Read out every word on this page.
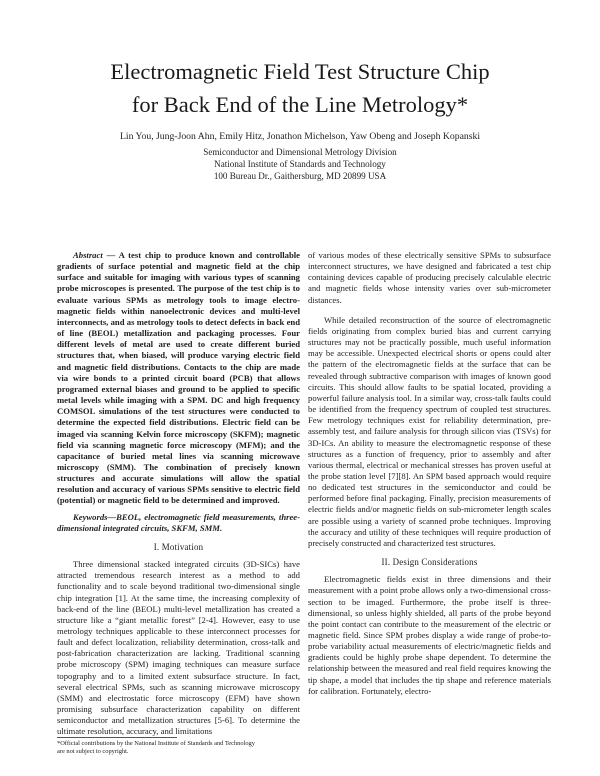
Electromagnetic Field Test Structure Chip
for Back End of the Line Metrology*
Lin You, Jung-Joon Ahn, Emily Hitz, Jonathon Michelson, Yaw Obeng and Joseph Kopanski
Semiconductor and Dimensional Metrology Division
National Institute of Standards and Technology
100 Bureau Dr., Gaithersburg, MD 20899 USA

Abstract — A test chip to produce known and controllable gradients of surface potential and magnetic field at the chip surface and suitable for imaging with various types of scanning probe microscopes is presented. The purpose of the test chip is to evaluate various SPMs as metrology tools to image electro-magnetic fields within nanoelectronic devices and multi-level interconnects, and as metrology tools to detect defects in back end of line (BEOL) metallization and packaging processes. Four different levels of metal are used to create different buried structures that, when biased, will produce varying electric field and magnetic field distributions. Contacts to the chip are made via wire bonds to a printed circuit board (PCB) that allows programed external biases and ground to be applied to specific metal levels while imaging with a SPM. DC and high frequency COMSOL simulations of the test structures were conducted to determine the expected field distributions. Electric field can be imaged via scanning Kelvin force microscopy (SKFM); magnetic field via scanning magnetic force microscopy (MFM); and the capacitance of buried metal lines via scanning microwave microscopy (SMM). The combination of precisely known structures and accurate simulations will allow the spatial resolution and accuracy of various SPMs sensitive to electric field (potential) or magnetic field to be determined and improved.

Keywords—BEOL, electromagnetic field measurements, three-dimensional integrated circuits, SKFM, SMM.

I. Motivation

Three dimensional stacked integrated circuits (3D-SICs) have attracted tremendous research interest as a method to add functionality and to scale beyond traditional two-dimensional single chip integration [1]. At the same time, the increasing complexity of back-end of the line (BEOL) multi-level metallization has created a structure like a “giant metallic forest” [2-4]. However, easy to use metrology techniques applicable to these interconnect processes for fault and defect localization, reliability determination, cross-talk and post-fabrication characterization are lacking. Traditional scanning probe microscopy (SPM) imaging techniques can measure surface topography and to a limited extent subsurface structure. In fact, several electrical SPMs, such as scanning microwave microscopy (SMM) and electrostatic force microscopy (EFM) have shown promising subsurface characterization capability on different semiconductor and metallization structures [5-6]. To determine the ultimate resolution, accuracy, and limitations

of various modes of these electrically sensitive SPMs to subsurface interconnect structures, we have designed and fabricated a test chip containing devices capable of producing precisely calculable electric and magnetic fields whose intensity varies over sub-micrometer distances.

While detailed reconstruction of the source of electromagnetic fields originating from complex buried bias and current carrying structures may not be practically possible, much useful information may be accessible. Unexpected electrical shorts or opens could alter the pattern of the electromagnetic fields at the surface that can be revealed through subtractive comparison with images of known good circuits. This should allow faults to be spatial located, providing a powerful failure analysis tool. In a similar way, cross-talk faults could be identified from the frequency spectrum of coupled test structures. Few metrology techniques exist for reliability determination, pre-assembly test, and failure analysis for through silicon vias (TSVs) for 3D-ICs. An ability to measure the electromagnetic response of these structures as a function of frequency, prior to assembly and after various thermal, electrical or mechanical stresses has proven useful at the probe station level [7][8]. An SPM based approach would require no dedicated test structures in the semiconductor and could be performed before final packaging. Finally, precision measurements of electric fields and/or magnetic fields on sub-micrometer length scales are possible using a variety of scanned probe techniques. Improving the accuracy and utility of these techniques will require production of precisely constructed and characterized test structures.

II. Design Considerations

Electromagnetic fields exist in three dimensions and their measurement with a point probe allows only a two-dimensional cross-section to be imaged. Furthermore, the probe itself is three-dimensional, so unless highly shielded, all parts of the probe beyond the point contact can contribute to the measurement of the electric or magnetic field. Since SPM probes display a wide range of probe-to-probe variability actual measurements of electric/magnetic fields and gradients could be highly probe shape dependent. To determine the relationship between the measured and real field requires knowing the tip shape, a model that includes the tip shape and reference materials for calibration. Fortunately, electro-

*Official contributions by the National Institute of Standards and Technology
are not subject to copyright.
